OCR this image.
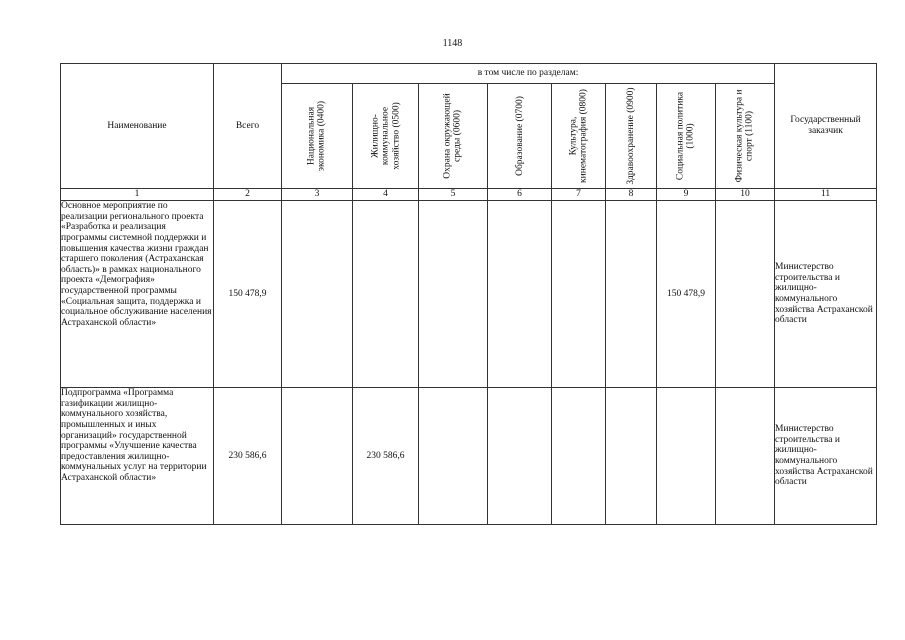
1148
Наименование	Всего	в том числе по разделам:								Государственный заказчик

		Национальная экономика (0400)	Жилищно-коммунальное хозяйство (0500)	Охрана окружающей среды (0600)	Образование (0700)	Культура, кинематография (0800)	Здравоохранение (0900)	Социальная политика (1000)	Физическая культура и спорт (1100)	

1	2	3	4	5	6	7	8	9	10	11
Основное мероприятие по реализации регионального проекта «Разработка и реализация программы системной поддержки и повышения качества жизни граждан старшего поколения (Астраханская область)» в рамках национального проекта «Демография» государственной программы «Социальная защита, поддержка и социальное обслуживание населения Астраханской области»	150 478,9							150 478,9		Министерство строительства и жилищно-коммунального хозяйства Астраханской области
Подпрограмма «Программа газификации жилищно-коммунального хозяйства, промышленных и иных организаций» государственной программы «Улучшение качества предоставления жилищно-коммунальных услуг на территории Астраханской области»	230 586,6		230 586,6							Министерство строительства и жилищно-коммунального хозяйства Астраханской области
